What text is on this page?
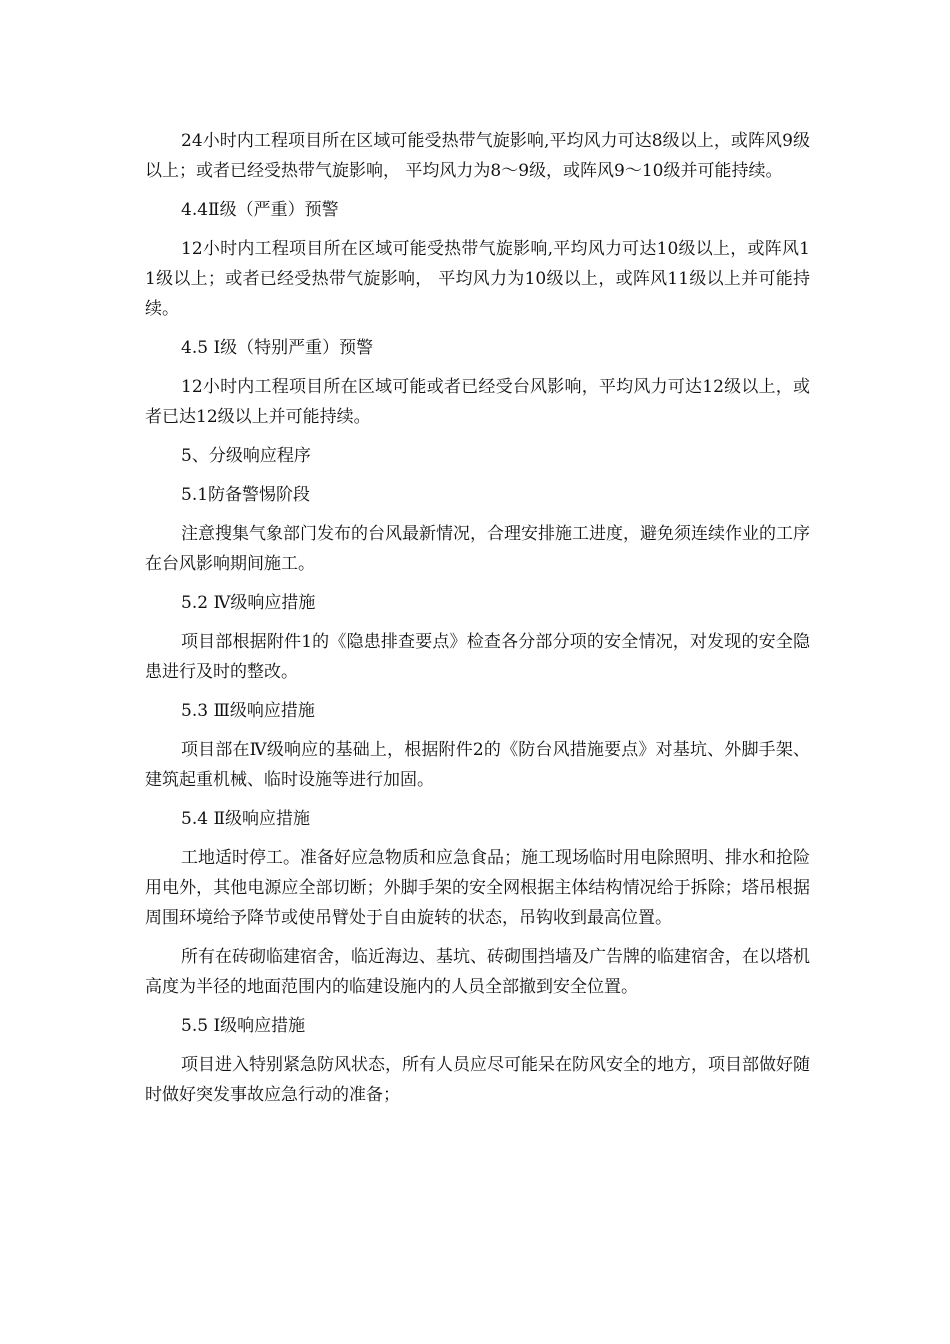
24小时内工程项目所在区域可能受热带气旋影响,平均风力可达8级以上，或阵风9级以上；或者已经受热带气旋影响， 平均风力为8～9级，或阵风9～10级并可能持续。

4.4Ⅱ级（严重）预警

12小时内工程项目所在区域可能受热带气旋影响,平均风力可达10级以上，或阵风11级以上；或者已经受热带气旋影响， 平均风力为10级以上，或阵风11级以上并可能持续。

4.5 Ⅰ级（特别严重）预警

12小时内工程项目所在区域可能或者已经受台风影响，平均风力可达12级以上，或者已达12级以上并可能持续。

5、分级响应程序

5.1防备警惕阶段

注意搜集气象部门发布的台风最新情况，合理安排施工进度，避免须连续作业的工序在台风影响期间施工。

5.2 Ⅳ级响应措施

项目部根据附件1的《隐患排查要点》检查各分部分项的安全情况，对发现的安全隐患进行及时的整改。

5.3 Ⅲ级响应措施

项目部在Ⅳ级响应的基础上，根据附件2的《防台风措施要点》对基坑、外脚手架、建筑起重机械、临时设施等进行加固。

5.4 Ⅱ级响应措施

工地适时停工。准备好应急物质和应急食品；施工现场临时用电除照明、排水和抢险用电外，其他电源应全部切断；外脚手架的安全网根据主体结构情况给于拆除；塔吊根据周围环境给予降节或使吊臂处于自由旋转的状态，吊钩收到最高位置。

所有在砖砌临建宿舍，临近海边、基坑、砖砌围挡墙及广告牌的临建宿舍，在以塔机高度为半径的地面范围内的临建设施内的人员全部撤到安全位置。

5.5 Ⅰ级响应措施

项目进入特别紧急防风状态，所有人员应尽可能呆在防风安全的地方，项目部做好随时做好突发事故应急行动的准备；
